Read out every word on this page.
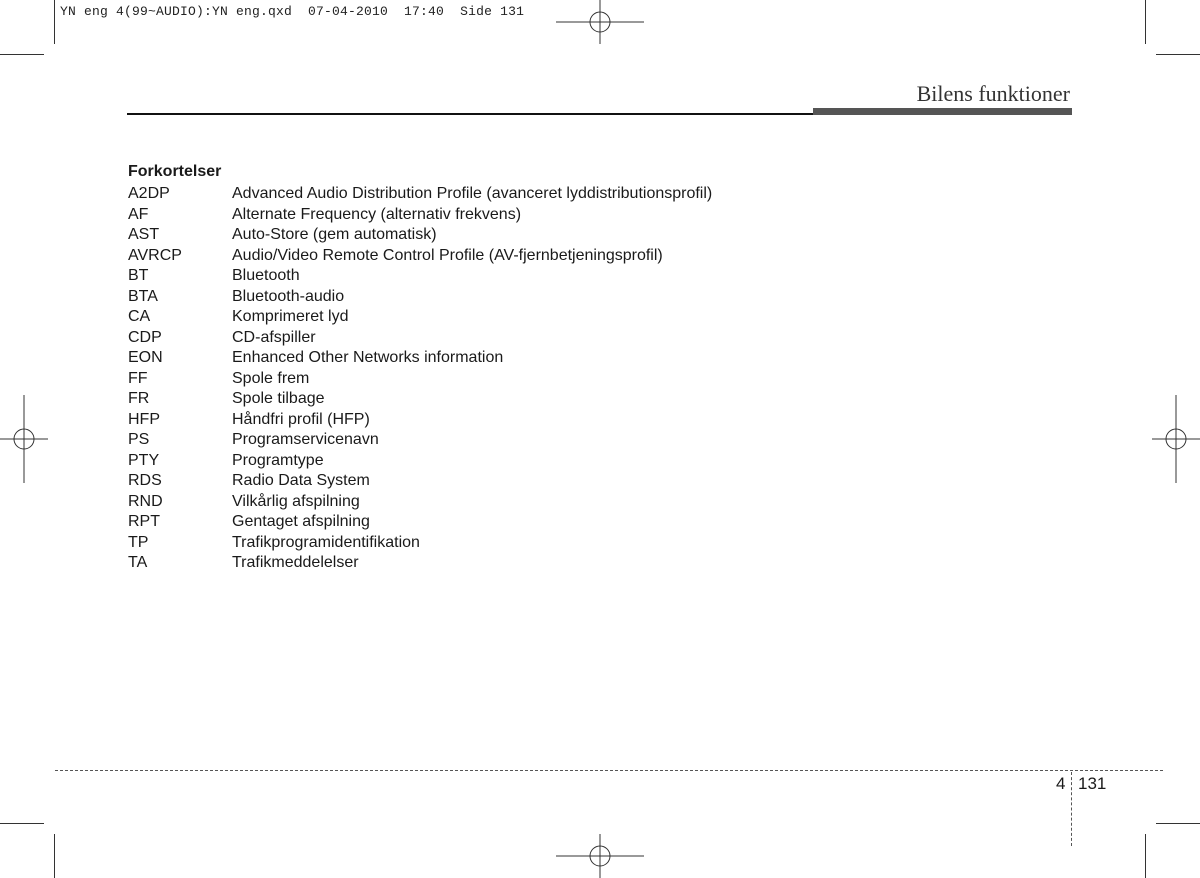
YN eng 4(99~AUDIO):YN eng.qxd  07-04-2010  17:40  Side 131
Bilens funktioner
Forkortelser
A2DP	Advanced Audio Distribution Profile (avanceret lyddistributionsprofil)
AF	Alternate Frequency (alternativ frekvens)
AST	Auto-Store (gem automatisk)
AVRCP	Audio/Video Remote Control Profile (AV-fjernbetjeningsprofil)
BT	Bluetooth
BTA	Bluetooth-audio
CA	Komprimeret lyd
CDP	CD-afspiller
EON	Enhanced Other Networks information
FF	Spole frem
FR	Spole tilbage
HFP	Håndfri profil (HFP)
PS	Programservicenavn
PTY	Programtype
RDS	Radio Data System
RND	Vilkårlig afspilning
RPT	Gentaget afspilning
TP	Trafikprogramidentifikation
TA	Trafikmeddelelser
4 131
